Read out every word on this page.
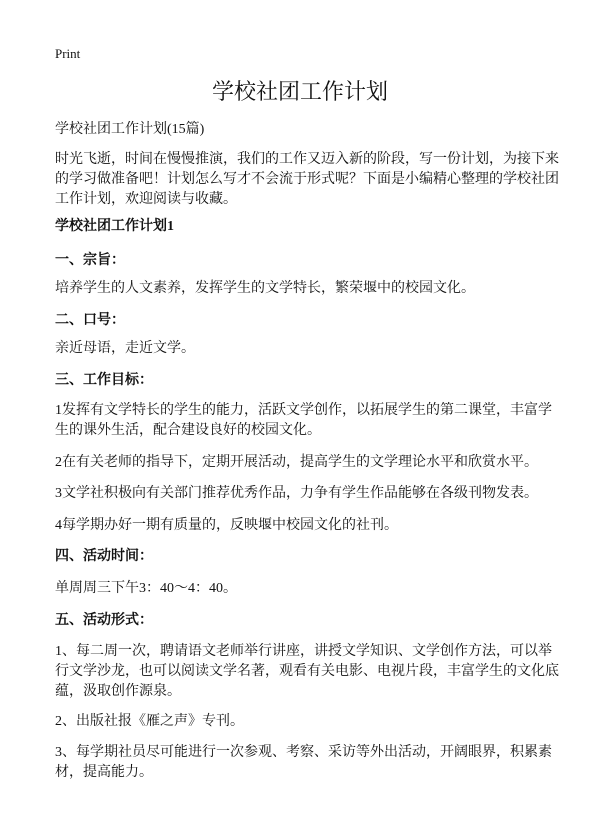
Print
学校社团工作计划

学校社团工作计划(15篇)

时光飞逝，时间在慢慢推演，我们的工作又迈入新的阶段，写一份计划，为接下来的学习做准备吧！计划怎么写才不会流于形式呢？下面是小编精心整理的学校社团工作计划，欢迎阅读与收藏。

学校社团工作计划1

一、宗旨：

培养学生的人文素养，发挥学生的文学特长，繁荣堰中的校园文化。

二、口号：

亲近母语，走近文学。

三、工作目标：

1发挥有文学特长的学生的能力，活跃文学创作，以拓展学生的第二课堂，丰富学生的课外生活，配合建设良好的校园文化。

2在有关老师的指导下，定期开展活动，提高学生的文学理论水平和欣赏水平。

3文学社积极向有关部门推荐优秀作品，力争有学生作品能够在各级刊物发表。

4每学期办好一期有质量的，反映堰中校园文化的社刊。

四、活动时间：

单周周三下午3：40～4：40。

五、活动形式：

1、每二周一次，聘请语文老师举行讲座，讲授文学知识、文学创作方法，可以举行文学沙龙，也可以阅读文学名著，观看有关电影、电视片段，丰富学生的文化底蕴，汲取创作源泉。

2、出版社报《雁之声》专刊。

3、每学期社员尽可能进行一次参观、考察、采访等外出活动，开阔眼界，积累素材，提高能力。
